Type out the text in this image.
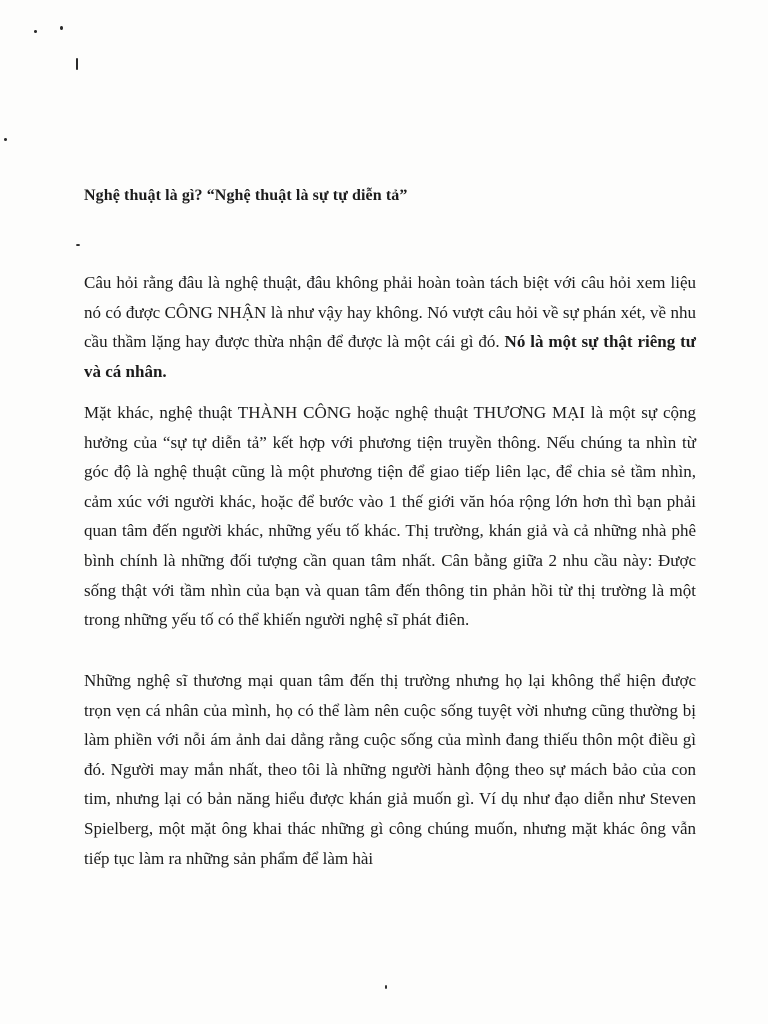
Nghệ thuật là gì? “Nghệ thuật là sự tự diễn tả”

Câu hỏi rằng đâu là nghệ thuật, đâu không phải hoàn toàn tách biệt với câu hỏi xem liệu nó có được CÔNG NHẬN là như vậy hay không. Nó vượt câu hỏi về sự phán xét, về nhu cầu thầm lặng hay được thừa nhận để được là một cái gì đó. Nó là một sự thật riêng tư và cá nhân.

Mặt khác, nghệ thuật THÀNH CÔNG hoặc nghệ thuật THƯƠNG MẠI là một sự cộng hưởng của “sự tự diễn tả” kết hợp với phương tiện truyền thông. Nếu chúng ta nhìn từ góc độ là nghệ thuật cũng là một phương tiện để giao tiếp liên lạc, để chia sẻ tầm nhìn, cảm xúc với người khác, hoặc để bước vào 1 thế giới văn hóa rộng lớn hơn thì bạn phải quan tâm đến người khác, những yếu tố khác. Thị trường, khán giả và cả những nhà phê bình chính là những đối tượng cần quan tâm nhất. Cân bằng giữa 2 nhu cầu này: Được sống thật với tầm nhìn của bạn và quan tâm đến thông tin phản hồi từ thị trường là một trong những yếu tố có thể khiến người nghệ sĩ phát điên.

Những nghệ sĩ thương mại quan tâm đến thị trường nhưng họ lại không thể hiện được trọn vẹn cá nhân của mình, họ có thể làm nên cuộc sống tuyệt vời nhưng cũng thường bị làm phiền với nỗi ám ảnh dai dẳng rằng cuộc sống của mình đang thiếu thôn một điều gì đó. Người may mắn nhất, theo tôi là những người hành động theo sự mách bảo của con tim, nhưng lại có bản năng hiểu được khán giả muốn gì. Ví dụ như đạo diễn như Steven Spielberg, một mặt ông khai thác những gì công chúng muốn, nhưng mặt khác ông vẫn tiếp tục làm ra những sản phẩm để làm hài
